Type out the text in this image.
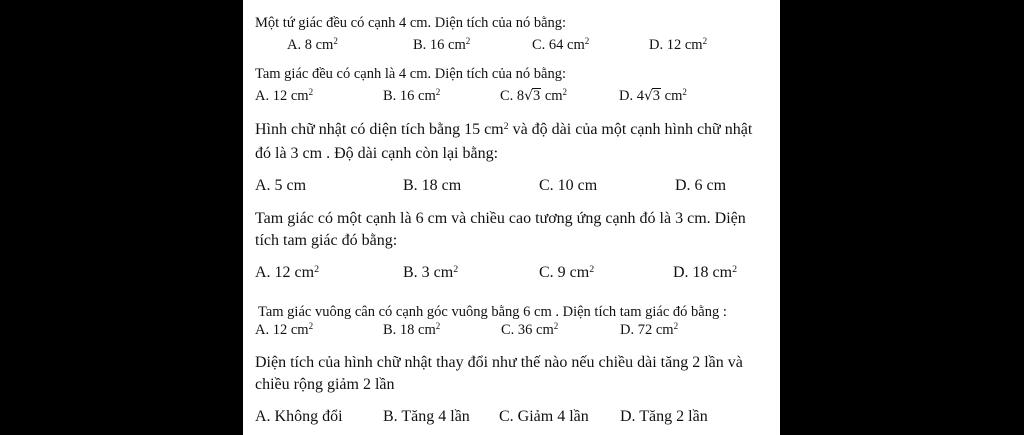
Một tứ giác đều có cạnh 4 cm. Diện tích của nó bằng:
A. 8 $cm^2$	B. 16 $cm^2$	C. 64 $cm^2$	D. 12 $cm^2$
Tam giác đều có cạnh là 4 cm. Diện tích của nó bằng:
A. 12 $cm^2$	B. 16 $cm^2$	C. 8√3 $cm^2$	D. 4√3 $cm^2$
Hình chữ nhật có diện tích bằng 15 $cm^2$ và độ dài của một cạnh hình chữ nhật
đó là 3 cm . Độ dài cạnh còn lại bằng:
A. 5 cm	B. 18 cm	C. 10 cm	D. 6 cm
Tam giác có một cạnh là 6 cm và chiều cao tương ứng cạnh đó là 3 cm. Diện
tích tam giác đó bằng:
A. 12 $cm^2$	B. 3 $cm^2$	C. 9 $cm^2$	D. 18 $cm^2$
Tam giác vuông cân có cạnh góc vuông bằng 6 cm . Diện tích tam giác đó bằng :
A. 12 $cm^2$	B. 18 $cm^2$	C. 36 $cm^2$	D. 72 $cm^2$
Diện tích của hình chữ nhật thay đổi như thế nào nếu chiều dài tăng 2 lần và
chiều rộng giảm 2 lần
A. Không đổi	B. Tăng 4 lần C. Giảm 4 lần D. Tăng 2 lần
